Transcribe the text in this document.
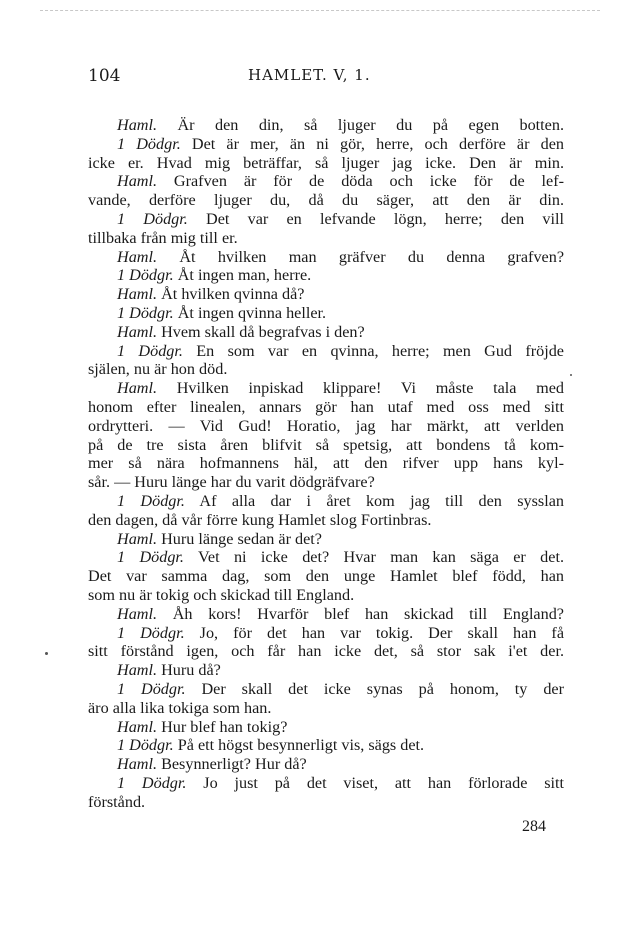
104	HAMLET. V, 1.
Haml. Är den din, så ljuger du på egen botten.
1 Dödgr. Det är mer, än ni gör, herre, och derföre är den
icke er. Hvad mig beträffar, så ljuger jag icke. Den är min.
Haml. Grafven är för de döda och icke för de lef-
vande, derföre ljuger du, då du säger, att den är din.
1 Dödgr. Det var en lefvande lögn, herre; den vill
tillbaka från mig till er.
Haml. Åt hvilken man gräfver du denna grafven?
1 Dödgr. Åt ingen man, herre.
Haml. Åt hvilken qvinna då?
1 Dödgr. Åt ingen qvinna heller.
Haml. Hvem skall då begrafvas i den?
1 Dödgr. En som var en qvinna, herre; men Gud fröjde
själen, nu är hon död.
Haml. Hvilken inpiskad klippare! Vi måste tala med
honom efter linealen, annars gör han utaf med oss med sitt
ordrytteri. — Vid Gud! Horatio, jag har märkt, att verlden
på de tre sista åren blifvit så spetsig, att bondens tå kom-
mer så nära hofmannens häl, att den rifver upp hans kyl-
sår. — Huru länge har du varit dödgräfvare?
1 Dödgr. Af alla dar i året kom jag till den sysslan
den dagen, då vår förre kung Hamlet slog Fortinbras.
Haml. Huru länge sedan är det?
1 Dödgr. Vet ni icke det? Hvar man kan säga er det.
Det var samma dag, som den unge Hamlet blef född, han
som nu är tokig och skickad till England.
Haml. Åh kors! Hvarför blef han skickad till England?
1 Dödgr. Jo, för det han var tokig. Der skall han få
sitt förstånd igen, och får han icke det, så stor sak i'et der.
Haml. Huru då?
1 Dödgr. Der skall det icke synas på honom, ty der
äro alla lika tokiga som han.
Haml. Hur blef han tokig?
1 Dödgr. På ett högst besynnerligt vis, sägs det.
Haml. Besynnerligt? Hur då?
1 Dödgr. Jo just på det viset, att han förlorade sitt
förstånd.
284
